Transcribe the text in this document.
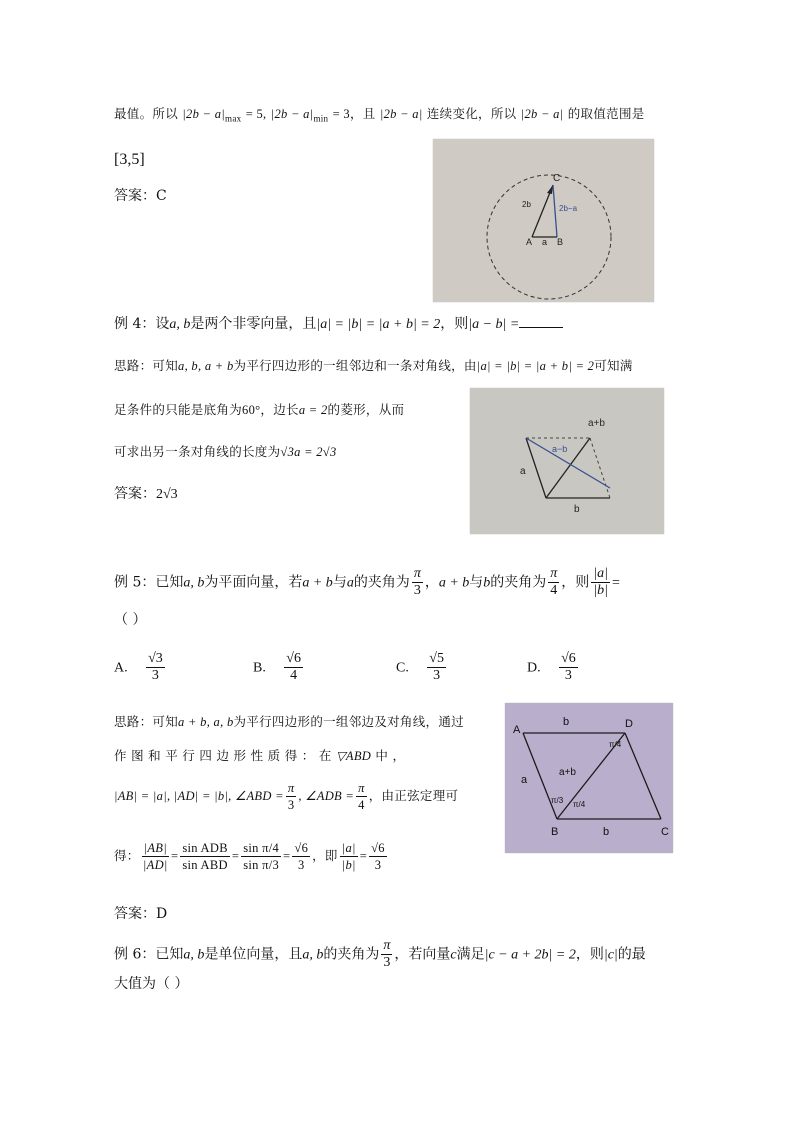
最值。所以 $|2b - a|_{max} = 5$, $|2b - a|_{min} = 3$，且 |2b − a| 连续变化，所以 |2b − a| 的取值范围是
[3,5]
答案：C
C
2b	2b−a
A a B
例 4：设a, b是两个非零向量，且|a| = |b| = |a + b| = 2，则|a − b| =
思路：可知a, b, a + b为平行四边形的一组邻边和一条对角线，由|a| = |b| = |a + b| = 2可知满
足条件的只能是底角为60°，边长a = 2的菱形，从而
可求出另一条对角线的长度为√3a = 2√3
答案：2√3
a+b
a−b
a
b
例 5：已知a, b为平面向量，若a + b与a的夹角为 $\frac{\pi}{3}$ ，a + b与b的夹角为 $\frac{\pi}{4}$ ，则 $\frac{|a|}{|b|}$ =
（ ）
A. $\frac{√3}{3}$	B. $\frac{√6}{4}$	C. $\frac{√5}{3}$	D. $\frac{√6}{3}$
思路：可知a + b, a, b为平行四边形的一组邻边及对角线，通过
作 图 和 平 行 四 边 形 性 质 得 ： 在 ▽ABD 中 ，
|AB| = |a|, |AD| = |b|, ∠ABD = $\frac{\pi}{3}$ , ∠ADB = $\frac{\pi}{4}$ ，由正弦定理可
得： $\frac{|AB|}{|AD|} = \frac{\text{sin ADB}}{\text{sin ABD}} = \frac{\text{sin π/4}}{\text{sin π/3}} = \frac{√6}{3}$ ，即 $\frac{|a|}{|b|} = \frac{√6}{3}$
答案：D
A
b	D
a
a+b
π/4
π/3 π/4
B	b	C
例 6：已知a, b是单位向量，且a, b的夹角为 $\frac{\pi}{3}$ ，若向量c满足|c − a + 2b| = 2，则|c|的最
大值为（ ）
